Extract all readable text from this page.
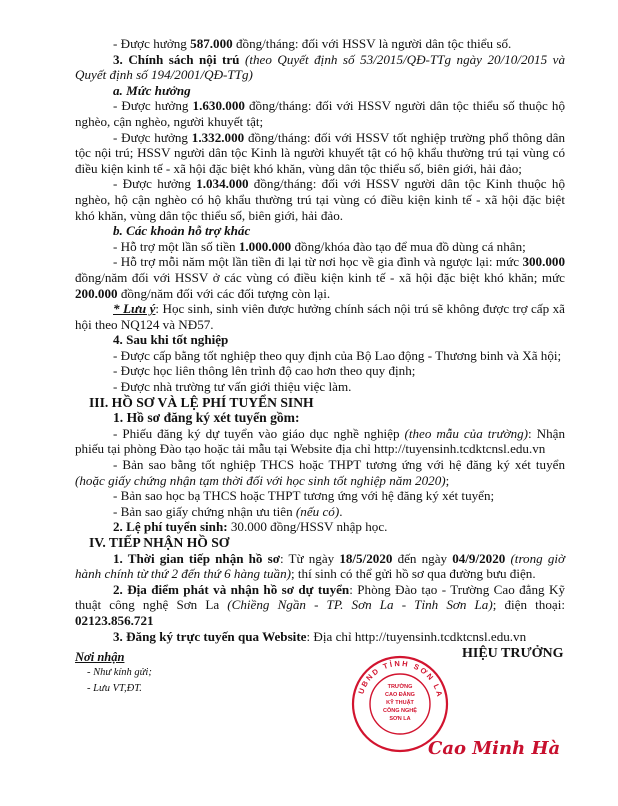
- Được hưởng 587.000 đồng/tháng: đối với HSSV là người dân tộc thiểu số.

3. Chính sách nội trú (theo Quyết định số 53/2015/QĐ-TTg ngày 20/10/2015 và Quyết định số 194/2001/QĐ-TTg)

a. Mức hưởng

- Được hưởng 1.630.000 đồng/tháng: đối với HSSV người dân tộc thiểu số thuộc hộ nghèo, cận nghèo, người khuyết tật;

- Được hưởng 1.332.000 đồng/tháng: đối với HSSV tốt nghiệp trường phổ thông dân tộc nội trú; HSSV người dân tộc Kinh là người khuyết tật có hộ khẩu thường trú tại vùng có điều kiện kinh tế - xã hội đặc biệt khó khăn, vùng dân tộc thiểu số, biên giới, hải đảo;

- Được hưởng 1.034.000 đồng/tháng: đối với HSSV người dân tộc Kinh thuộc hộ nghèo, hộ cận nghèo có hộ khẩu thường trú tại vùng có điều kiện kinh tế - xã hội đặc biệt khó khăn, vùng dân tộc thiểu số, biên giới, hải đảo.

b. Các khoản hỗ trợ khác

- Hỗ trợ một lần số tiền 1.000.000 đồng/khóa đào tạo để mua đồ dùng cá nhân;

- Hỗ trợ mỗi năm một lần tiền đi lại từ nơi học về gia đình và ngược lại: mức 300.000 đồng/năm đối với HSSV ở các vùng có điều kiện kinh tế - xã hội đặc biệt khó khăn; mức 200.000 đồng/năm đối với các đối tượng còn lại.

* Lưu ý: Học sinh, sinh viên được hưởng chính sách nội trú sẽ không được trợ cấp xã hội theo NQ124 và NĐ57.

4. Sau khi tốt nghiệp

- Được cấp bằng tốt nghiệp theo quy định của Bộ Lao động - Thương binh và Xã hội;

- Được học liên thông lên trình độ cao hơn theo quy định;

- Được nhà trường tư vấn giới thiệu việc làm.

III. HỒ SƠ VÀ LỆ PHÍ TUYỂN SINH

1. Hồ sơ đăng ký xét tuyển gồm:

- Phiếu đăng ký dự tuyển vào giáo dục nghề nghiệp (theo mẫu của trường): Nhận phiếu tại phòng Đào tạo hoặc tải mẫu tại Website địa chỉ http://tuyensinh.tcdktcnsl.edu.vn

- Bản sao bằng tốt nghiệp THCS hoặc THPT tương ứng với hệ đăng ký xét tuyển (hoặc giấy chứng nhận tạm thời đối với học sinh tốt nghiệp năm 2020);

- Bản sao học bạ THCS hoặc THPT tương ứng với hệ đăng ký xét tuyển;

- Bản sao giấy chứng nhận ưu tiên (nếu có).

2. Lệ phí tuyển sinh: 30.000 đồng/HSSV nhập học.

IV. TIẾP NHẬN HỒ SƠ

1. Thời gian tiếp nhận hồ sơ: Từ ngày 18/5/2020 đến ngày 04/9/2020 (trong giờ hành chính từ thứ 2 đến thứ 6 hàng tuần); thí sinh có thể gửi hồ sơ qua đường bưu điện.

2. Địa điểm phát và nhận hồ sơ dự tuyển: Phòng Đào tạo - Trường Cao đẳng Kỹ thuật công nghệ Sơn La (Chiềng Ngần - TP. Sơn La - Tỉnh Sơn La); điện thoại: 02123.856.721

3. Đăng ký trực tuyến qua Website: Địa chỉ http://tuyensinh.tcdktcnsl.edu.vn

Nơi nhận
- Như kính gửi;
- Lưu VT,ĐT.
HIỆU TRƯỞNG
UBND TỈNH SƠN LA
TRƯỜNG
CAO ĐẲNG
KỸ THUẬT
CÔNG NGHỆ
SƠN LA
Cao Minh Hà
